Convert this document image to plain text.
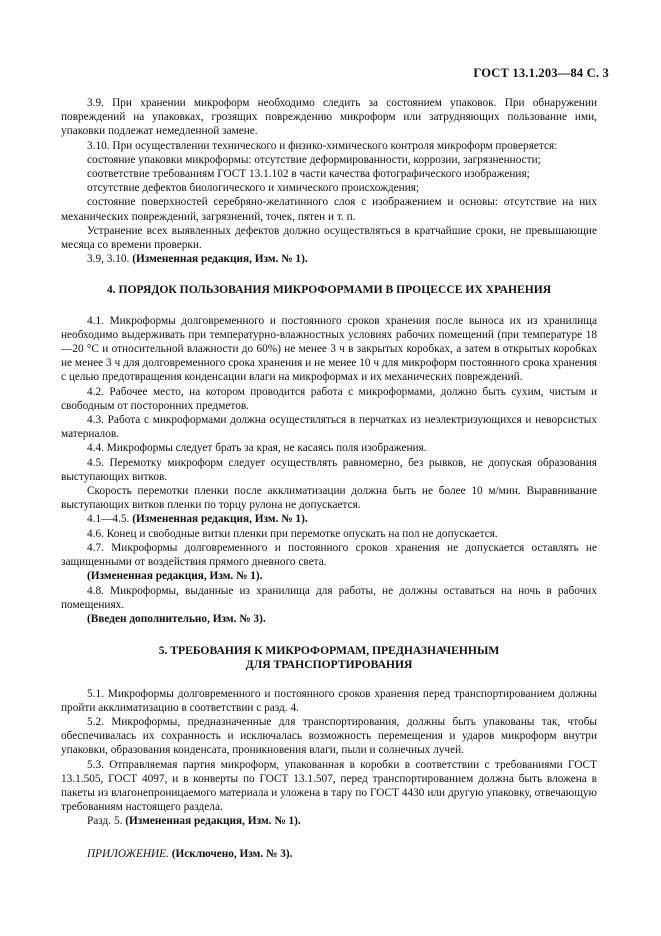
ГОСТ 13.1.203—84 С. 3

3.9. При хранении микроформ необходимо следить за состоянием упаковок. При обнаружении повреждений на упаковках, грозящих повреждению микроформ или затрудняющих пользование ими, упаковки подлежат немедленной замене.

3.10. При осуществлении технического и физико-химического контроля микроформ проверяется:

состояние упаковки микроформы: отсутствие деформированности, коррозии, загрязненности;

соответствие требованиям ГОСТ 13.1.102 в части качества фотографического изображения;

отсутствие дефектов биологического и химического происхождения;

состояние поверхностей серебряно-желатинного слоя с изображением и основы: отсутствие на них механических повреждений, загрязнений, точек, пятен и т. п.

Устранение всех выявленных дефектов должно осуществляться в кратчайшие сроки, не превышающие месяца со времени проверки.

3.9, 3.10. (Измененная редакция, Изм. № 1).

4. ПОРЯДОК ПОЛЬЗОВАНИЯ МИКРОФОРМАМИ В ПРОЦЕССЕ ИХ ХРАНЕНИЯ

4.1. Микроформы долговременного и постоянного сроков хранения после выноса их из хранилища необходимо выдерживать при температурно-влажностных условиях рабочих помещений (при температуре 18—20 °С и относительной влажности до 60%) не менее 3 ч в закрытых коробках, а затем в открытых коробках не менее 3 ч для долговременного срока хранения и не менее 10 ч для микроформ постоянного срока хранения с целью предотвращения конденсации влаги на микроформах и их механических повреждений.

4.2. Рабочее место, на котором проводится работа с микроформами, должно быть сухим, чистым и свободным от посторонних предметов.

4.3. Работа с микроформами должна осуществляться в перчатках из неэлектризующихся и неворсистых материалов.

4.4. Микроформы следует брать за края, не касаясь поля изображения.

4.5. Перемотку микроформ следует осуществлять равномерно, без рывков, не допуская образования выступающих витков.

Скорость перемотки пленки после акклиматизации должна быть не более 10 м/мин. Выравнивание выступающих витков пленки по торцу рулона не допускается.

4.1—4.5. (Измененная редакция, Изм. № 1).

4.6. Конец и свободные витки пленки при перемотке опускать на пол не допускается.

4.7. Микроформы долговременного и постоянного сроков хранения не допускается оставлять не защищенными от воздействия прямого дневного света.

(Измененная редакция, Изм. № 1).

4.8. Микроформы, выданные из хранилища для работы, не должны оставаться на ночь в рабочих помещениях.

(Введен дополнительно, Изм. № 3).

5. ТРЕБОВАНИЯ К МИКРОФОРМАМ, ПРЕДНАЗНАЧЕННЫМ
ДЛЯ ТРАНСПОРТИРОВАНИЯ

5.1. Микроформы долговременного и постоянного сроков хранения перед транспортированием должны пройти акклиматизацию в соответствии с разд. 4.

5.2. Микроформы, предназначенные для транспортирования, должны быть упакованы так, чтобы обеспечивалась их сохранность и исключалась возможность перемещения и ударов микроформ внутри упаковки, образования конденсата, проникновения влаги, пыли и солнечных лучей.

5.3. Отправляемая партия микроформ, упакованная в коробки в соответствии с требованиями ГОСТ 13.1.505, ГОСТ 4097, и в конверты по ГОСТ 13.1.507, перед транспортированием должна быть вложена в пакеты из влагонепроницаемого материала и уложена в тару по ГОСТ 4430 или другую упаковку, отвечающую требованиям настоящего раздела.

Разд. 5. (Измененная редакция, Изм. № 1).

ПРИЛОЖЕНИЕ. (Исключено, Изм. № 3).
